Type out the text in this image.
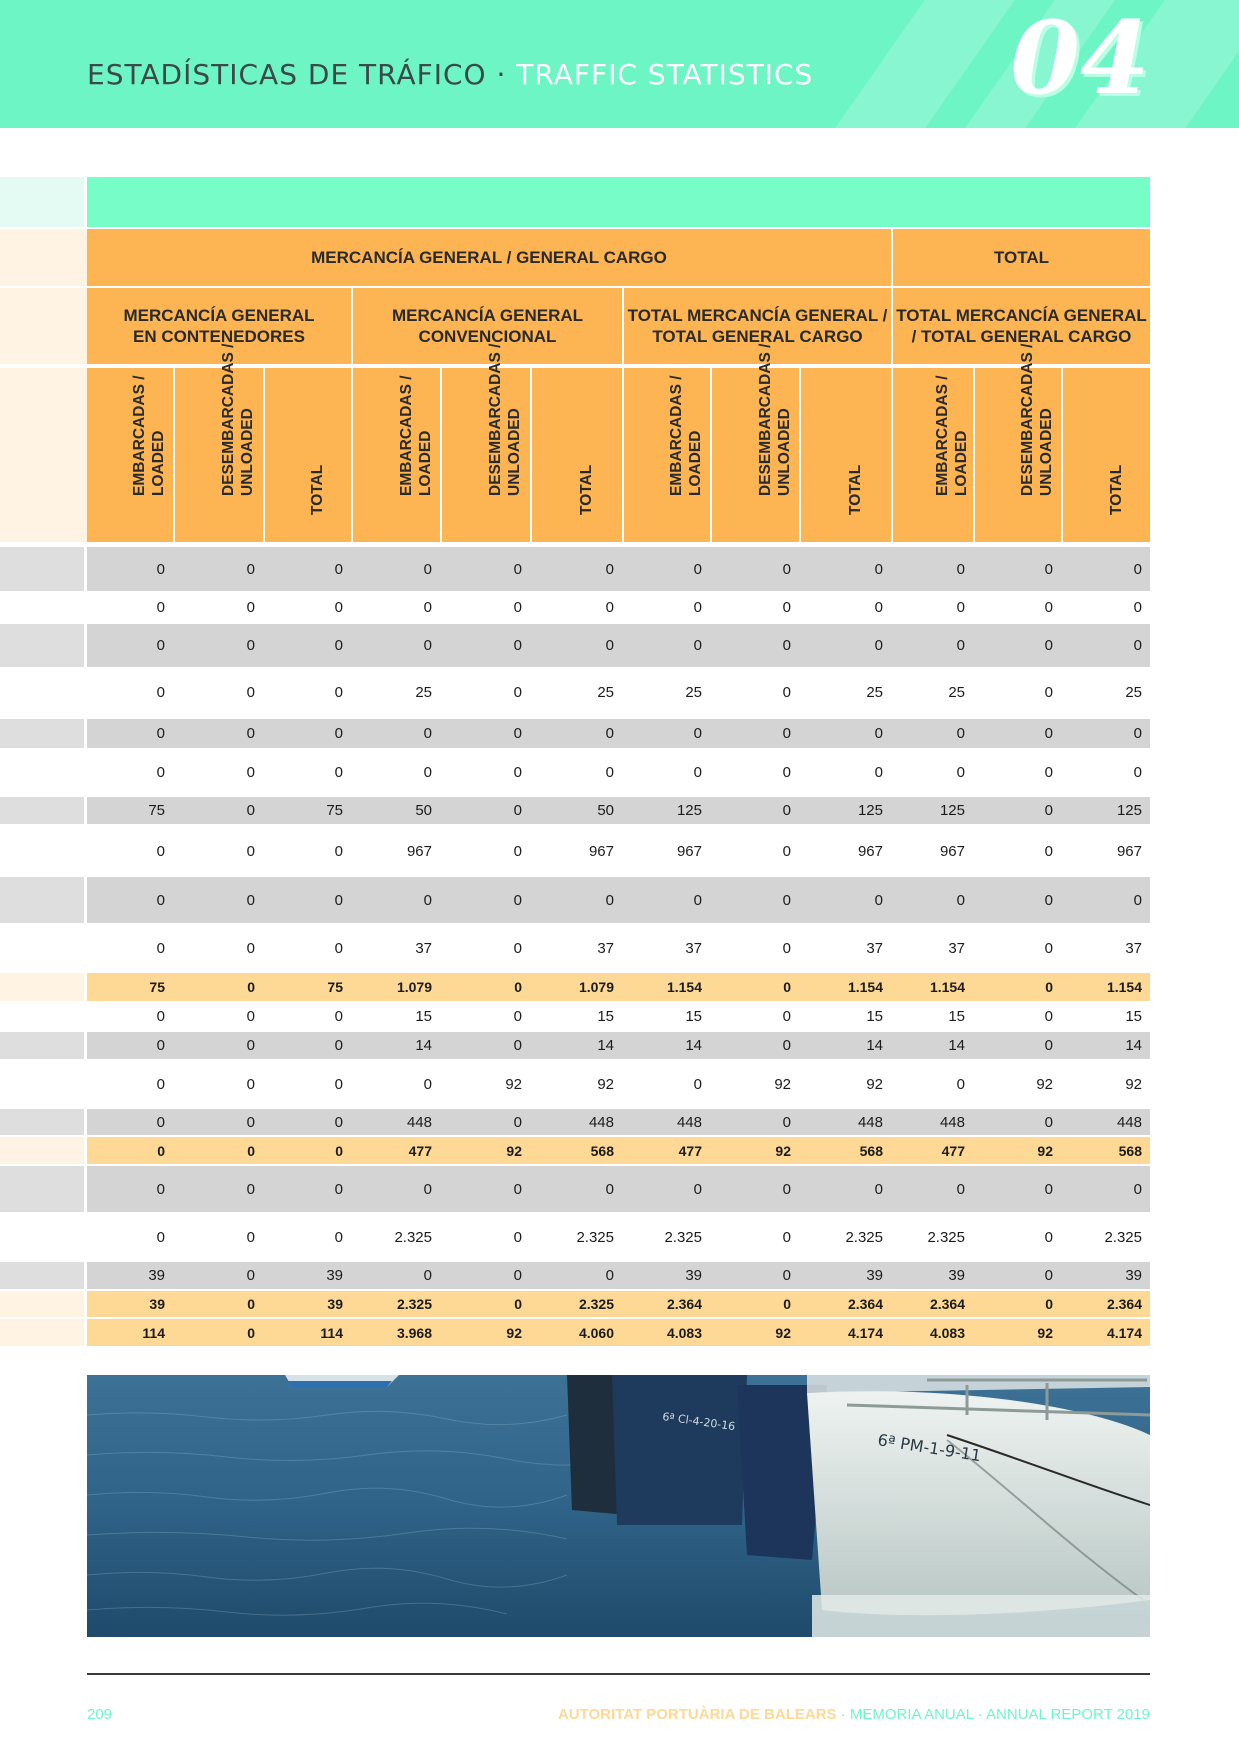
ESTADÍSTICAS DE TRÁFICO · TRAFFIC STATISTICS 04
MERCANCÍA GENERAL / GENERAL CARGO	TOTAL
MERCANCÍA GENERAL
EN CONTENEDORES
MERCANCÍA GENERAL
CONVENCIONAL
TOTAL MERCANCÍA GENERAL /
TOTAL GENERAL CARGO
TOTAL MERCANCÍA GENERAL
/ TOTAL GENERAL CARGO
EMBARCADAS /
LOADED	DESEMBARCADAS /
UNLOADED	TOTAL	EMBARCADAS /
LOADED	DESEMBARCADAS /
UNLOADED	TOTAL	EMBARCADAS /
LOADED	DESEMBARCADAS /
UNLOADED	TOTAL	EMBARCADAS /
LOADED	DESEMBARCADAS /
UNLOADED	TOTAL
0	0	0	0	0	0	0	0	0	0	0	0
0	0	0	0	0	0	0	0	0	0	0	0
0	0	0	0	0	0	0	0	0	0	0	0
0	0	0	25	0	25	25	0	25	25	0	25
0	0	0	0	0	0	0	0	0	0	0	0
0	0	0	0	0	0	0	0	0	0	0	0
75	0	75	50	0	50	125	0	125	125	0	125
0	0	0	967	0	967	967	0	967	967	0	967
0	0	0	0	0	0	0	0	0	0	0	0
0	0	0	37	0	37	37	0	37	37	0	37
75	0	75	1.079	0	1.079	1.154	0	1.154	1.154	0	1.154
0	0	0	15	0	15	15	0	15	15	0	15
0	0	0	14	0	14	14	0	14	14	0	14
0	0	0	0	92	92	0	92	92	0	92	92
0	0	0	448	0	448	448	0	448	448	0	448
0	0	0	477	92	568	477	92	568	477	92	568
0	0	0	0	0	0	0	0	0	0	0	0
0	0	0	2.325	0	2.325	2.325	0	2.325	2.325	0	2.325
39	0	39	0	0	0	39	0	39	39	0	39
39	0	39	2.325	0	2.325	2.364	0	2.364	2.364	0	2.364
114	0	114	3.968	92	4.060	4.083	92	4.174	4.083	92	4.174
6ª Cl-4-20-16
6ª PM-1-9-11
209	AUTORITAT PORTUÀRIA DE BALEARS · MEMORIA ANUAL · ANNUAL REPORT 2019
